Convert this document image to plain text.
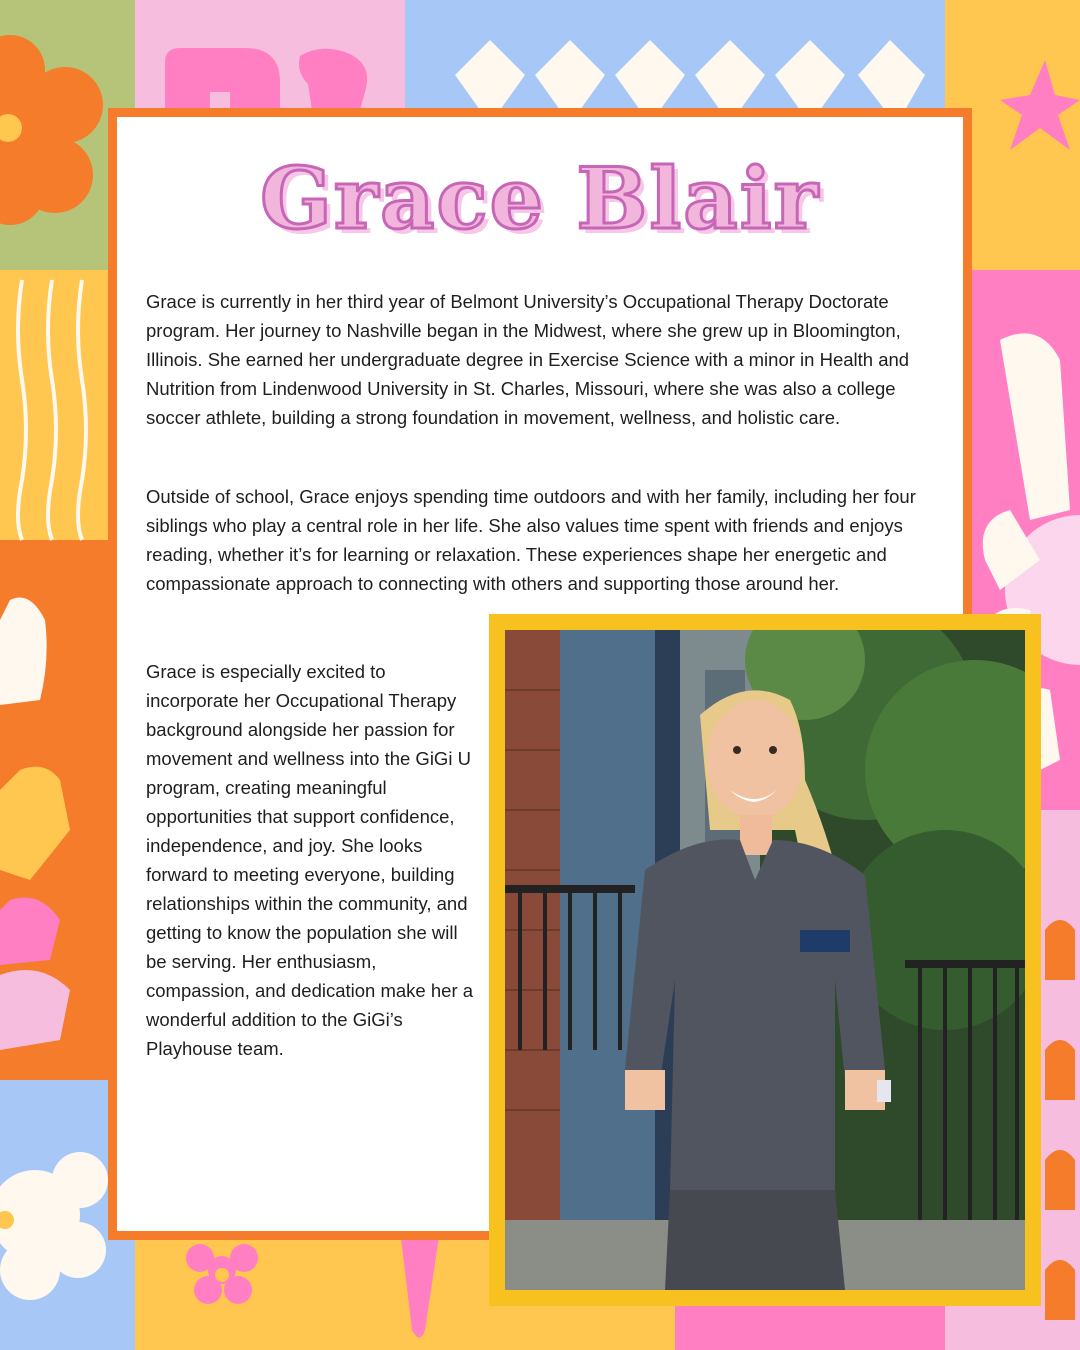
Grace Blair

Grace is currently in her third year of Belmont University’s Occupational Therapy Doctorate program. Her journey to Nashville began in the Midwest, where she grew up in Bloomington, Illinois. She earned her undergraduate degree in Exercise Science with a minor in Health and Nutrition from Lindenwood University in St. Charles, Missouri, where she was also a college soccer athlete, building a strong foundation in movement, wellness, and holistic care.

Outside of school, Grace enjoys spending time outdoors and with her family, including her four siblings who play a central role in her life. She also values time spent with friends and enjoys reading, whether it’s for learning or relaxation. These experiences shape her energetic and compassionate approach to connecting with others and supporting those around her.

Grace is especially excited to incorporate her Occupational Therapy background alongside her passion for movement and wellness into the GiGi U program, creating meaningful opportunities that support confidence, independence, and joy. She looks forward to meeting everyone, building relationships within the community, and getting to know the population she will be serving. Her enthusiasm, compassion, and dedication make her a wonderful addition to the GiGi’s Playhouse team.
